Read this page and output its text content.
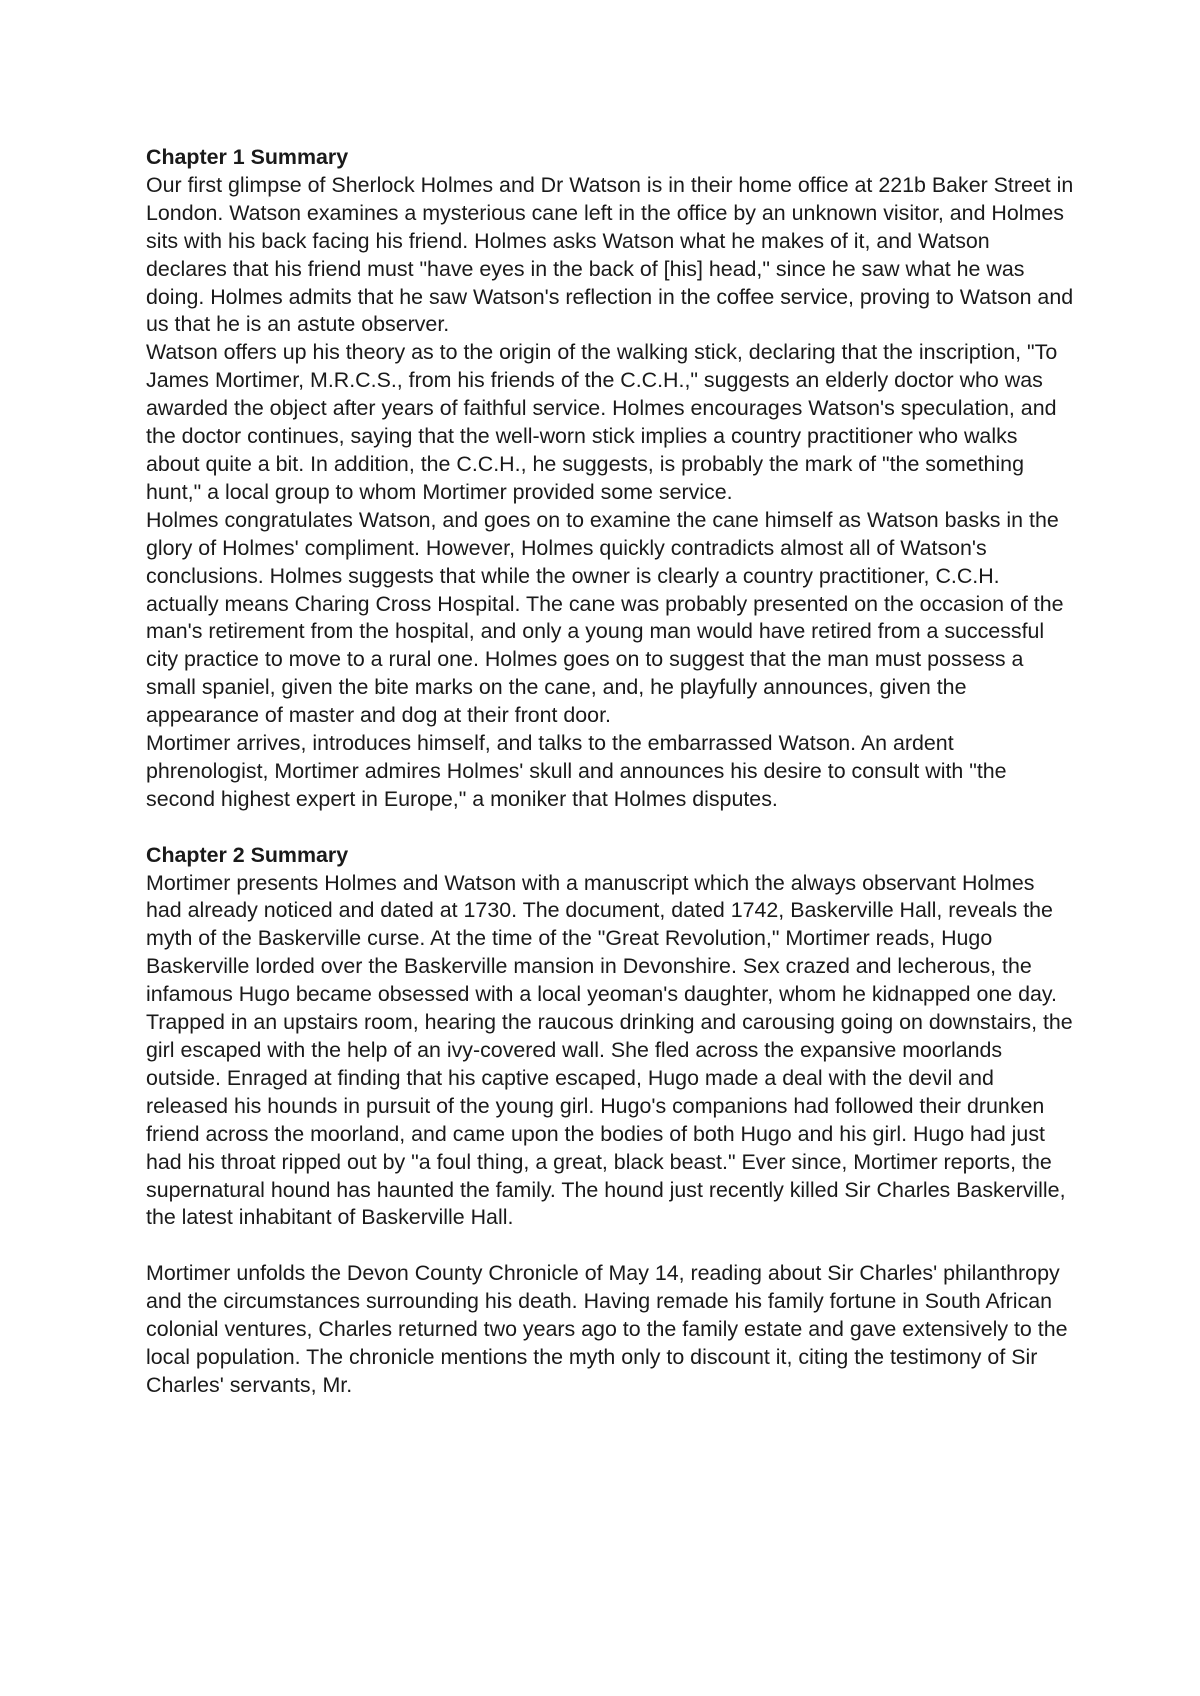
Chapter 1 Summary

Our first glimpse of Sherlock Holmes and Dr Watson is in their home office at 221b Baker Street in London. Watson examines a mysterious cane left in the office by an unknown visitor, and Holmes sits with his back facing his friend. Holmes asks Watson what he makes of it, and Watson declares that his friend must "have eyes in the back of [his] head," since he saw what he was doing. Holmes admits that he saw Watson's reflection in the coffee service, proving to Watson and us that he is an astute observer.

Watson offers up his theory as to the origin of the walking stick, declaring that the inscription, "To James Mortimer, M.R.C.S., from his friends of the C.C.H.," suggests an elderly doctor who was awarded the object after years of faithful service. Holmes encourages Watson's speculation, and the doctor continues, saying that the well-worn stick implies a country practitioner who walks about quite a bit. In addition, the C.C.H., he suggests, is probably the mark of "the something hunt," a local group to whom Mortimer provided some service.

Holmes congratulates Watson, and goes on to examine the cane himself as Watson basks in the glory of Holmes' compliment. However, Holmes quickly contradicts almost all of Watson's conclusions. Holmes suggests that while the owner is clearly a country practitioner, C.C.H. actually means Charing Cross Hospital. The cane was probably presented on the occasion of the man's retirement from the hospital, and only a young man would have retired from a successful city practice to move to a rural one. Holmes goes on to suggest that the man must possess a small spaniel, given the bite marks on the cane, and, he playfully announces, given the appearance of master and dog at their front door.

Mortimer arrives, introduces himself, and talks to the embarrassed Watson. An ardent phrenologist, Mortimer admires Holmes' skull and announces his desire to consult with "the second highest expert in Europe," a moniker that Holmes disputes.

Chapter 2 Summary

Mortimer presents Holmes and Watson with a manuscript which the always observant Holmes had already noticed and dated at 1730. The document, dated 1742, Baskerville Hall, reveals the myth of the Baskerville curse. At the time of the "Great Revolution," Mortimer reads, Hugo Baskerville lorded over the Baskerville mansion in Devonshire. Sex crazed and lecherous, the infamous Hugo became obsessed with a local yeoman's daughter, whom he kidnapped one day. Trapped in an upstairs room, hearing the raucous drinking and carousing going on downstairs, the girl escaped with the help of an ivy-covered wall. She fled across the expansive moorlands outside. Enraged at finding that his captive escaped, Hugo made a deal with the devil and released his hounds in pursuit of the young girl. Hugo's companions had followed their drunken friend across the moorland, and came upon the bodies of both Hugo and his girl. Hugo had just had his throat ripped out by "a foul thing, a great, black beast." Ever since, Mortimer reports, the supernatural hound has haunted the family. The hound just recently killed Sir Charles Baskerville, the latest inhabitant of Baskerville Hall.

Mortimer unfolds the Devon County Chronicle of May 14, reading about Sir Charles' philanthropy and the circumstances surrounding his death. Having remade his family fortune in South African colonial ventures, Charles returned two years ago to the family estate and gave extensively to the local population. The chronicle mentions the myth only to discount it, citing the testimony of Sir Charles' servants, Mr.
